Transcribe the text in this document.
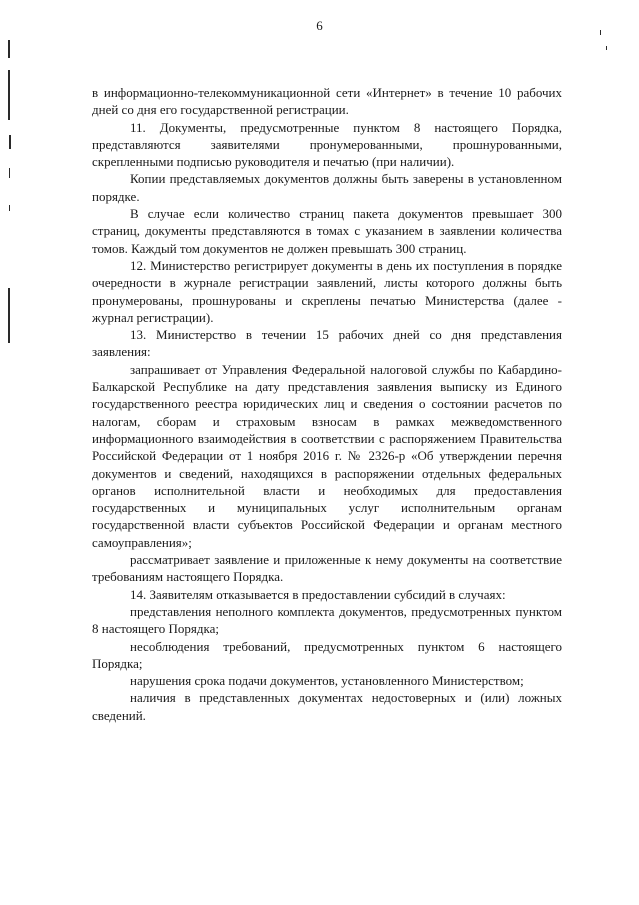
6

в информационно-телекоммуникационной сети «Интернет» в течение 10 рабочих дней со дня его государственной регистрации.

11. Документы, предусмотренные пунктом 8 настоящего Порядка, представляются заявителями пронумерованными, прошнурованными, скрепленными подписью руководителя и печатью (при наличии).

Копии представляемых документов должны быть заверены в установленном порядке.

В случае если количество страниц пакета документов превышает 300 страниц, документы представляются в томах с указанием в заявлении количества томов. Каждый том документов не должен превышать 300 страниц.

12. Министерство регистрирует документы в день их поступления в порядке очередности в журнале регистрации заявлений, листы которого должны быть пронумерованы, прошнурованы и скреплены печатью Министерства (далее - журнал регистрации).

13. Министерство в течении 15 рабочих дней со дня представления заявления:

запрашивает от Управления Федеральной налоговой службы по Кабардино-Балкарской Республике на дату представления заявления выписку из Единого государственного реестра юридических лиц и сведения о состоянии расчетов по налогам, сборам и страховым взносам в рамках межведомственного информационного взаимодействия в соответствии с распоряжением Правительства Российской Федерации от 1 ноября 2016 г. № 2326-р «Об утверждении перечня документов и сведений, находящихся в распоряжении отдельных федеральных органов исполнительной власти и необходимых для предоставления государственных и муниципальных услуг исполнительным органам государственной власти субъектов Российской Федерации и органам местного самоуправления»;

рассматривает заявление и приложенные к нему документы на соответствие требованиям настоящего Порядка.

14. Заявителям отказывается в предоставлении субсидий в случаях:

представления неполного комплекта документов, предусмотренных пунктом 8 настоящего Порядка;

несоблюдения требований, предусмотренных пунктом 6 настоящего Порядка;

нарушения срока подачи документов, установленного Министерством;

наличия в представленных документах недостоверных и (или) ложных сведений.
